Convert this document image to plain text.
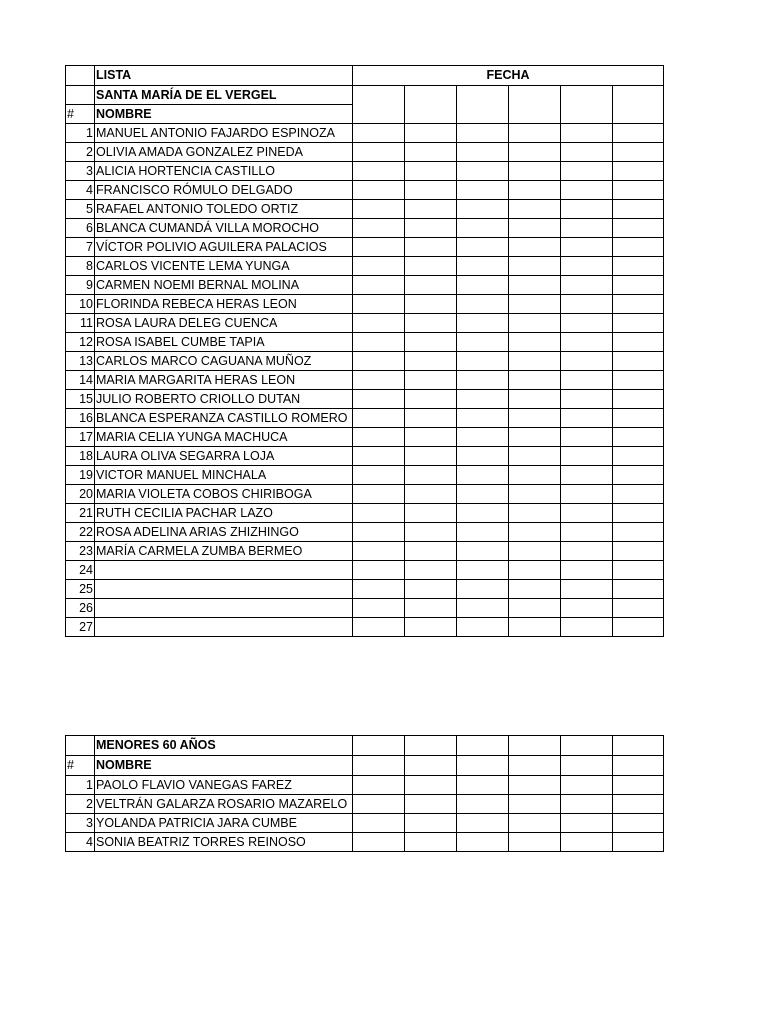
	LISTA	FECHA					
	SANTA MARÍA DE EL VERGEL						
#	NOMBRE						
1	MANUEL ANTONIO FAJARDO ESPINOZA						
2	OLIVIA AMADA GONZALEZ PINEDA						
3	ALICIA HORTENCIA CASTILLO						
4	FRANCISCO RÓMULO DELGADO						
5	RAFAEL ANTONIO TOLEDO ORTIZ						
6	BLANCA CUMANDÁ VILLA MOROCHO						
7	VÍCTOR POLIVIO AGUILERA PALACIOS						
8	CARLOS VICENTE LEMA YUNGA						
9	CARMEN NOEMI BERNAL MOLINA						
10	FLORINDA REBECA HERAS LEON						
11	ROSA LAURA DELEG CUENCA						
12	ROSA ISABEL CUMBE TAPIA						
13	CARLOS MARCO CAGUANA MUÑOZ						
14	MARIA MARGARITA HERAS LEON						
15	JULIO ROBERTO CRIOLLO DUTAN						
16	BLANCA ESPERANZA CASTILLO ROMERO						
17	MARIA CELIA YUNGA MACHUCA						
18	LAURA OLIVA SEGARRA LOJA						
19	VICTOR MANUEL MINCHALA						
20	MARIA VIOLETA COBOS CHIRIBOGA						
21	RUTH CECILIA PACHAR LAZO						
22	ROSA ADELINA ARIAS ZHIZHINGO						
23	MARÍA CARMELA ZUMBA BERMEO						
24							
25							
26							
27							
	MENORES 60 AÑOS						
#	NOMBRE						
1	PAOLO FLAVIO VANEGAS FAREZ						
2	VELTRÁN GALARZA ROSARIO MAZARELO						
3	YOLANDA PATRICIA JARA CUMBE						
4	SONIA BEATRIZ TORRES REINOSO						
